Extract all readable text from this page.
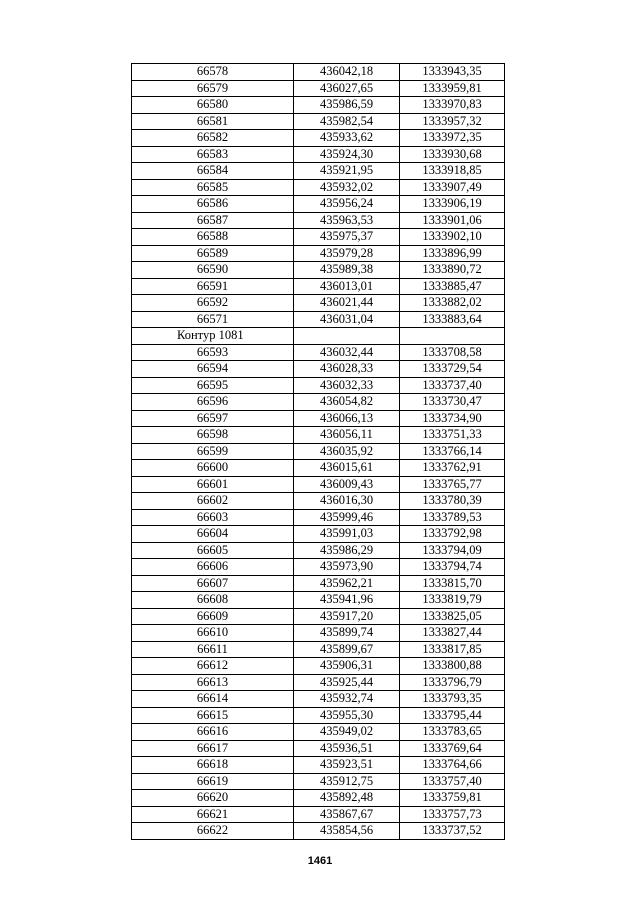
66578	436042,18	1333943,35
66579	436027,65	1333959,81
66580	435986,59	1333970,83
66581	435982,54	1333957,32
66582	435933,62	1333972,35
66583	435924,30	1333930,68
66584	435921,95	1333918,85
66585	435932,02	1333907,49
66586	435956,24	1333906,19
66587	435963,53	1333901,06
66588	435975,37	1333902,10
66589	435979,28	1333896,99
66590	435989,38	1333890,72
66591	436013,01	1333885,47
66592	436021,44	1333882,02
66571	436031,04	1333883,64
Контур 1081		
66593	436032,44	1333708,58
66594	436028,33	1333729,54
66595	436032,33	1333737,40
66596	436054,82	1333730,47
66597	436066,13	1333734,90
66598	436056,11	1333751,33
66599	436035,92	1333766,14
66600	436015,61	1333762,91
66601	436009,43	1333765,77
66602	436016,30	1333780,39
66603	435999,46	1333789,53
66604	435991,03	1333792,98
66605	435986,29	1333794,09
66606	435973,90	1333794,74
66607	435962,21	1333815,70
66608	435941,96	1333819,79
66609	435917,20	1333825,05
66610	435899,74	1333827,44
66611	435899,67	1333817,85
66612	435906,31	1333800,88
66613	435925,44	1333796,79
66614	435932,74	1333793,35
66615	435955,30	1333795,44
66616	435949,02	1333783,65
66617	435936,51	1333769,64
66618	435923,51	1333764,66
66619	435912,75	1333757,40
66620	435892,48	1333759,81
66621	435867,67	1333757,73
66622	435854,56	1333737,52
1461
